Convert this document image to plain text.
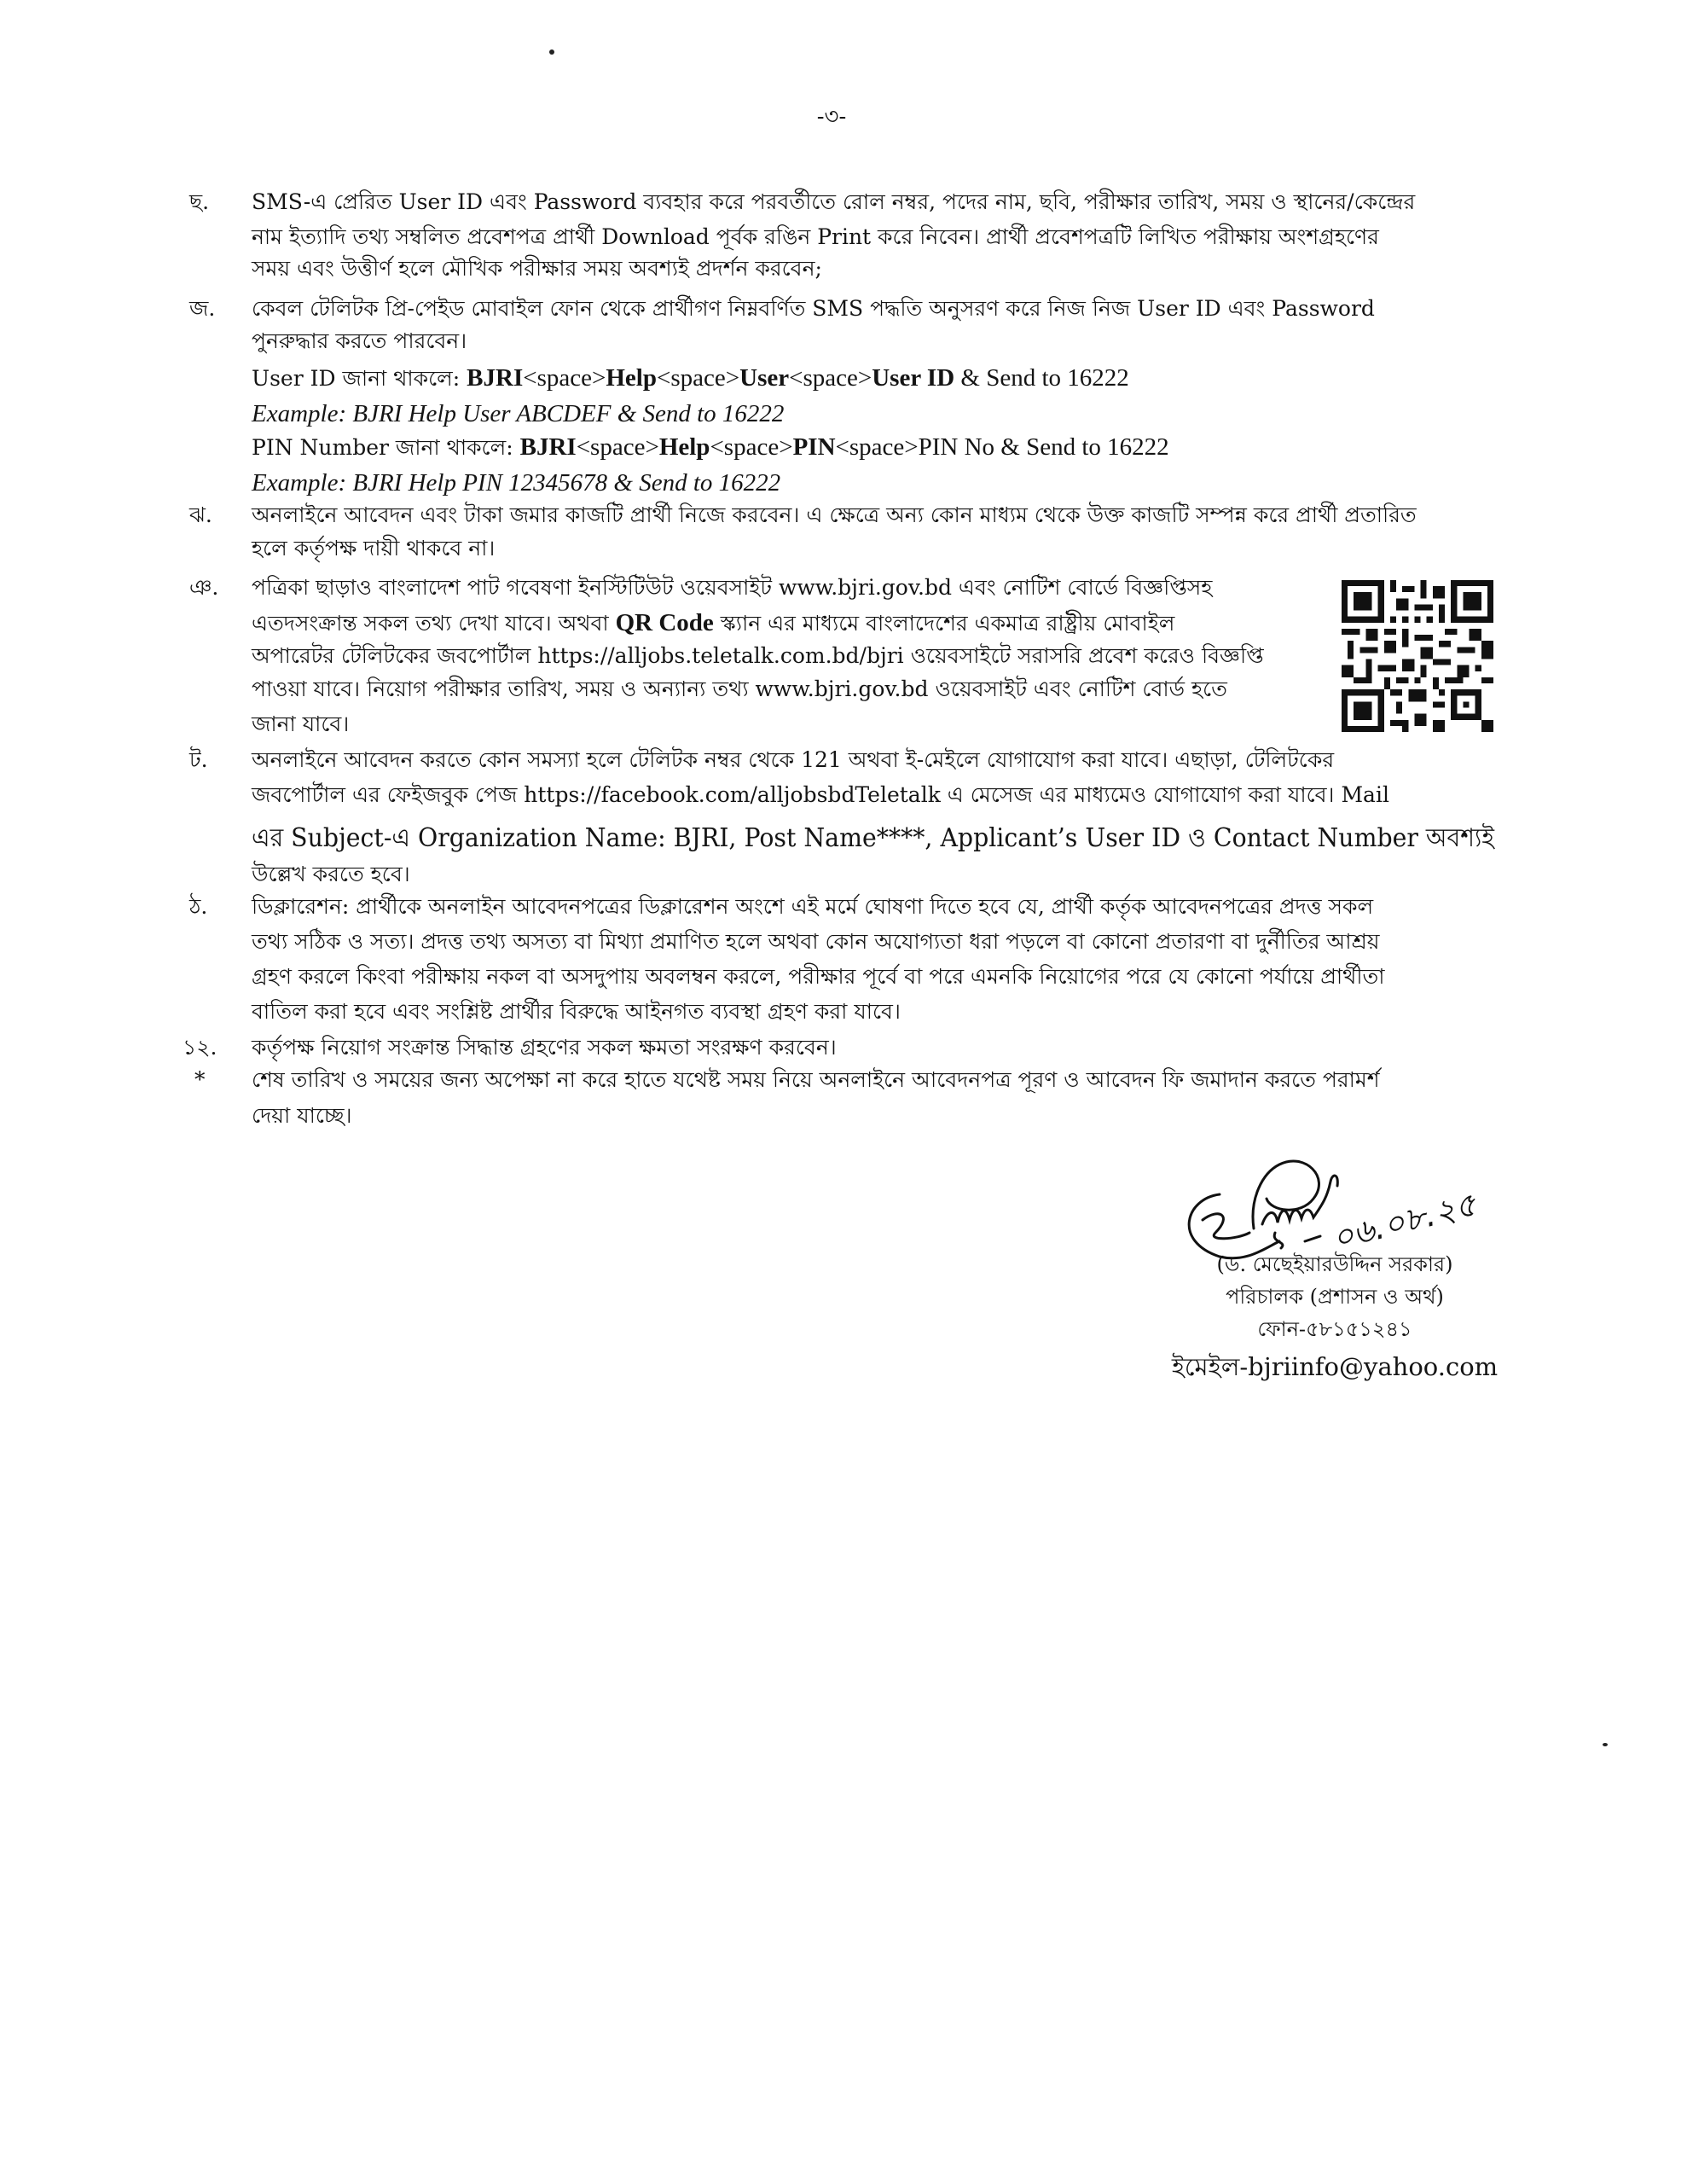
-৩-
ছ. SMS-এ প্রেরিত User ID এবং Password ব্যবহার করে পরবর্তীতে রোল নম্বর, পদের নাম, ছবি, পরীক্ষার তারিখ, সময় ও স্থানের/কেন্দ্রের
নাম ইত্যাদি তথ্য সম্বলিত প্রবেশপত্র প্রার্থী Download পূর্বক রঙিন Print করে নিবেন। প্রার্থী প্রবেশপত্রটি লিখিত পরীক্ষায় অংশগ্রহণের
সময় এবং উত্তীর্ণ হলে মৌখিক পরীক্ষার সময় অবশ্যই প্রদর্শন করবেন;
জ. কেবল টেলিটক প্রি-পেইড মোবাইল ফোন থেকে প্রার্থীগণ নিম্নবর্ণিত SMS পদ্ধতি অনুসরণ করে নিজ নিজ User ID এবং Password
পুনরুদ্ধার করতে পারবেন।
User ID জানা থাকলে: BJRI<space>Help<space>User<space>User ID & Send to 16222
Example: BJRI Help User ABCDEF & Send to 16222
PIN Number জানা থাকলে: BJRI<space>Help<space>PIN<space>PIN No & Send to 16222
Example: BJRI Help PIN 12345678 & Send to 16222
ঝ. অনলাইনে আবেদন এবং টাকা জমার কাজটি প্রার্থী নিজে করবেন। এ ক্ষেত্রে অন্য কোন মাধ্যম থেকে উক্ত কাজটি সম্পন্ন করে প্রার্থী প্রতারিত
হলে কর্তৃপক্ষ দায়ী থাকবে না।
ঞ. পত্রিকা ছাড়াও বাংলাদেশ পাট গবেষণা ইনস্টিটিউট ওয়েবসাইট www.bjri.gov.bd এবং নোটিশ বোর্ডে বিজ্ঞপ্তিসহ
এতদসংক্রান্ত সকল তথ্য দেখা যাবে। অথবা QR Code স্ক্যান এর মাধ্যমে বাংলাদেশের একমাত্র রাষ্ট্রীয় মোবাইল
অপারেটর টেলিটকের জবপোর্টাল https://alljobs.teletalk.com.bd/bjri ওয়েবসাইটে সরাসরি প্রবেশ করেও বিজ্ঞপ্তি
পাওয়া যাবে। নিয়োগ পরীক্ষার তারিখ, সময় ও অন্যান্য তথ্য www.bjri.gov.bd ওয়েবসাইট এবং নোটিশ বোর্ড হতে
জানা যাবে।
ট. অনলাইনে আবেদন করতে কোন সমস্যা হলে টেলিটক নম্বর থেকে 121 অথবা ই-মেইলে যোগাযোগ করা যাবে। এছাড়া, টেলিটকের
জবপোর্টাল এর ফেইজবুক পেজ https://facebook.com/alljobsbdTeletalk এ মেসেজ এর মাধ্যমেও যোগাযোগ করা যাবে। Mail
এর Subject-এ Organization Name: BJRI, Post Name****, Applicant’s User ID ও Contact Number অবশ্যই
উল্লেখ করতে হবে।
ঠ. ডিক্লারেশন: প্রার্থীকে অনলাইন আবেদনপত্রের ডিক্লারেশন অংশে এই মর্মে ঘোষণা দিতে হবে যে, প্রার্থী কর্তৃক আবেদনপত্রের প্রদত্ত সকল
তথ্য সঠিক ও সত্য। প্রদত্ত তথ্য অসত্য বা মিথ্যা প্রমাণিত হলে অথবা কোন অযোগ্যতা ধরা পড়লে বা কোনো প্রতারণা বা দুর্নীতির আশ্রয়
গ্রহণ করলে কিংবা পরীক্ষায় নকল বা অসদুপায় অবলম্বন করলে, পরীক্ষার পূর্বে বা পরে এমনকি নিয়োগের পরে যে কোনো পর্যায়ে প্রার্থীতা
বাতিল করা হবে এবং সংশ্লিষ্ট প্রার্থীর বিরুদ্ধে আইনগত ব্যবস্থা গ্রহণ করা যাবে।
১২. কর্তৃপক্ষ নিয়োগ সংক্রান্ত সিদ্ধান্ত গ্রহণের সকল ক্ষমতা সংরক্ষণ করবেন।
* শেষ তারিখ ও সময়ের জন্য অপেক্ষা না করে হাতে যথেষ্ট সময় নিয়ে অনলাইনে আবেদনপত্র পূরণ ও আবেদন ফি জমাদান করতে পরামর্শ
দেয়া যাচ্ছে।
০৬.০৮.২৫
(ড. মেছেইয়ারউদ্দিন সরকার)
পরিচালক (প্রশাসন ও অর্থ)
ফোন-৫৮১৫১২৪১
ইমেইল-bjriinfo@yahoo.com
